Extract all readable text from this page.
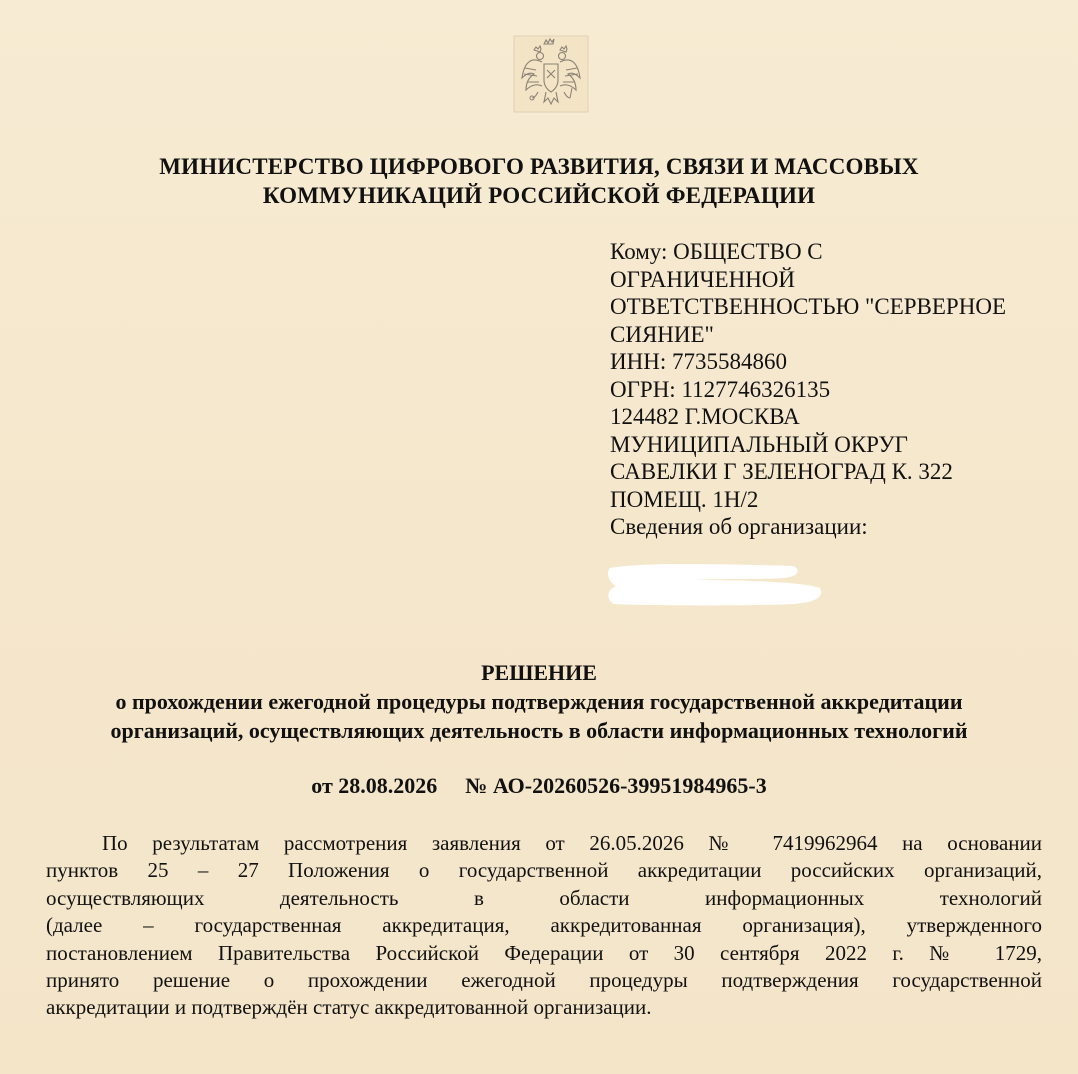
МИНИСТЕРСТВО ЦИФРОВОГО РАЗВИТИЯ, СВЯЗИ И МАССОВЫХ
КОММУНИКАЦИЙ РОССИЙСКОЙ ФЕДЕРАЦИИ
Кому: ОБЩЕСТВО С
ОГРАНИЧЕННОЙ
ОТВЕТСТВЕННОСТЬЮ "СЕРВЕРНОЕ
СИЯНИЕ"
ИНН: 7735584860
ОГРН: 1127746326135
124482 Г.МОСКВА
МУНИЦИПАЛЬНЫЙ ОКРУГ
САВЕЛКИ Г ЗЕЛЕНОГРАД К. 322
ПОМЕЩ. 1Н/2
Сведения об организации:
РЕШЕНИЕ
о прохождении ежегодной процедуры подтверждения государственной аккредитации
организаций, осуществляющих деятельность в области информационных технологий
от 28.08.2026 № АО-20260526-39951984965-3
По результатам рассмотрения заявления от 26.05.2026 № 7419962964 на основании
пунктов 25 – 27 Положения о государственной аккредитации российских организаций,
осуществляющих деятельность в области информационных технологий
(далее – государственная аккредитация, аккредитованная организация), утвержденного
постановлением Правительства Российской Федерации от 30 сентября 2022 г. № 1729,
принято решение о прохождении ежегодной процедуры подтверждения государственной
аккредитации и подтверждён статус аккредитованной организации.
